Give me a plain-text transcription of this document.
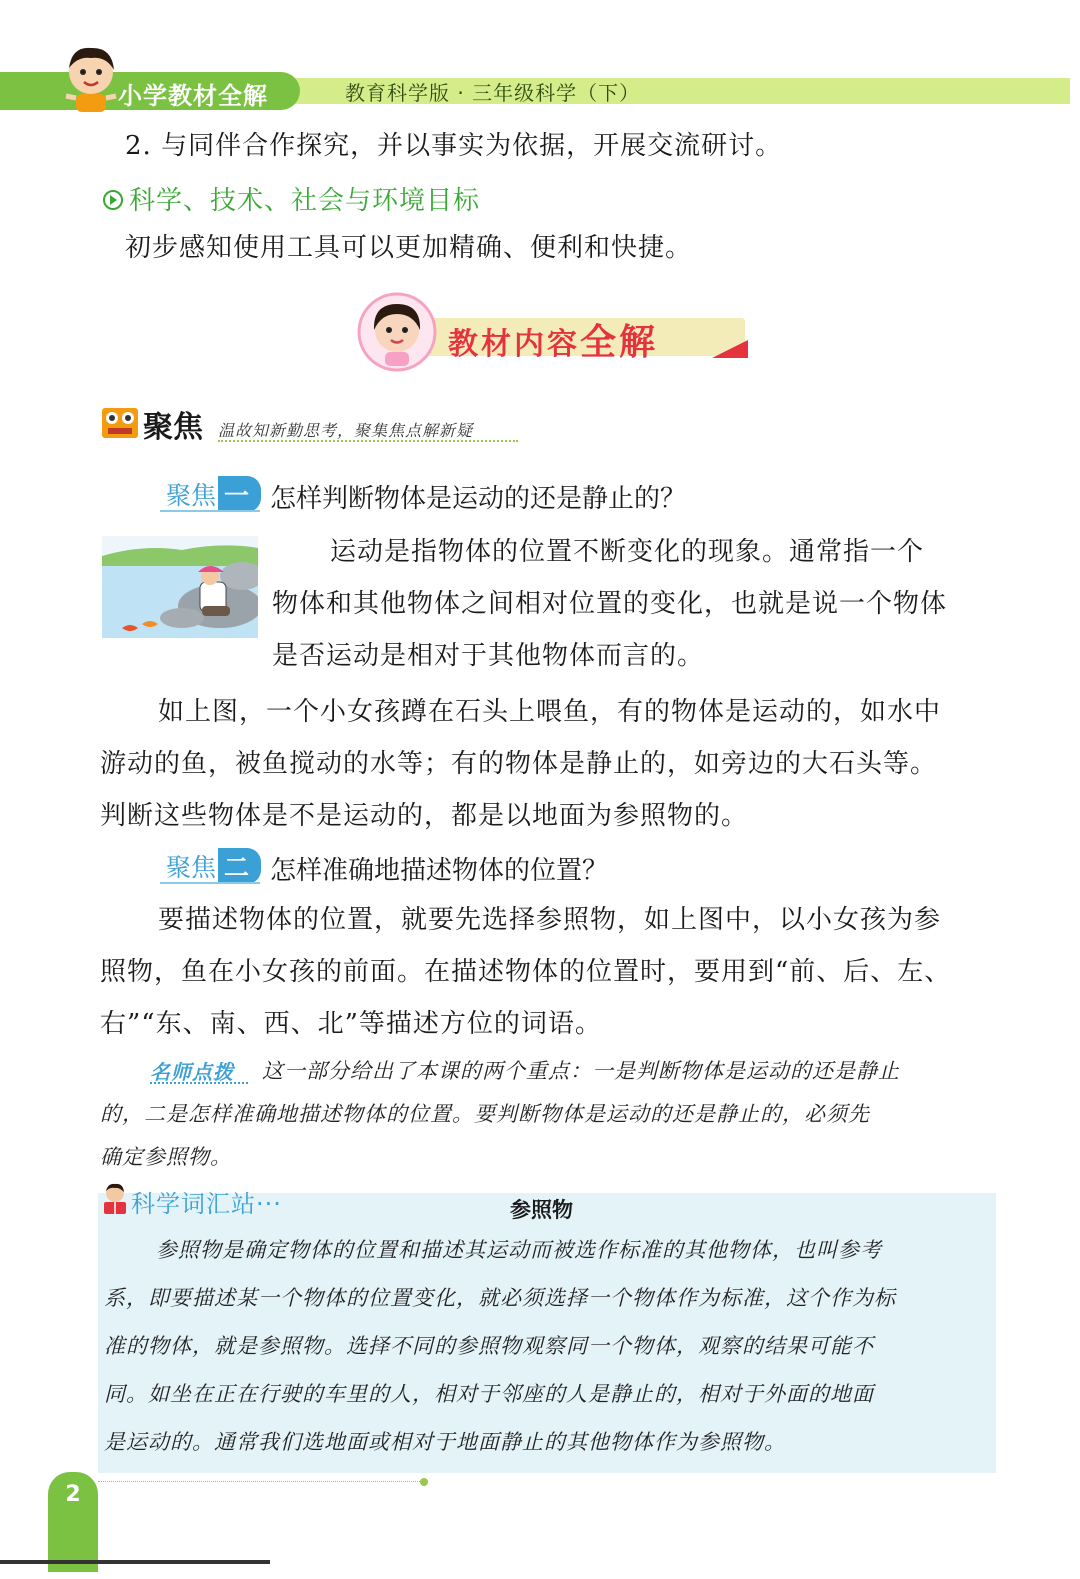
小学教材全解	教育科学版 · 三年级科学（下）
2. 与同伴合作探究，并以事实为依据，开展交流研讨。
科学、技术、社会与环境目标
初步感知使用工具可以更加精确、便利和快捷。
教材内容全解
聚焦 温故知新勤思考，聚集焦点解新疑
聚焦 一 怎样判断物体是运动的还是静止的？
运动是指物体的位置不断变化的现象。通常指一个
物体和其他物体之间相对位置的变化，也就是说一个物体
是否运动是相对于其他物体而言的。
如上图，一个小女孩蹲在石头上喂鱼，有的物体是运动的，如水中
游动的鱼，被鱼搅动的水等；有的物体是静止的，如旁边的大石头等。
判断这些物体是不是运动的，都是以地面为参照物的。
聚焦 二 怎样准确地描述物体的位置？
要描述物体的位置，就要先选择参照物，如上图中，以小女孩为参
照物，鱼在小女孩的前面。在描述物体的位置时，要用到“前、后、左、
右”“东、南、西、北”等描述方位的词语。
名师点拨 这一部分给出了本课的两个重点：一是判断物体是运动的还是静止
的，二是怎样准确地描述物体的位置。要判断物体是运动的还是静止的，必须先
确定参照物。
科学词汇站···	参照物
参照物是确定物体的位置和描述其运动而被选作标准的其他物体，也叫参考
系，即要描述某一个物体的位置变化，就必须选择一个物体作为标准，这个作为标
准的物体，就是参照物。选择不同的参照物观察同一个物体，观察的结果可能不
同。如坐在正在行驶的车里的人，相对于邻座的人是静止的，相对于外面的地面
是运动的。通常我们选地面或相对于地面静止的其他物体作为参照物。
2
